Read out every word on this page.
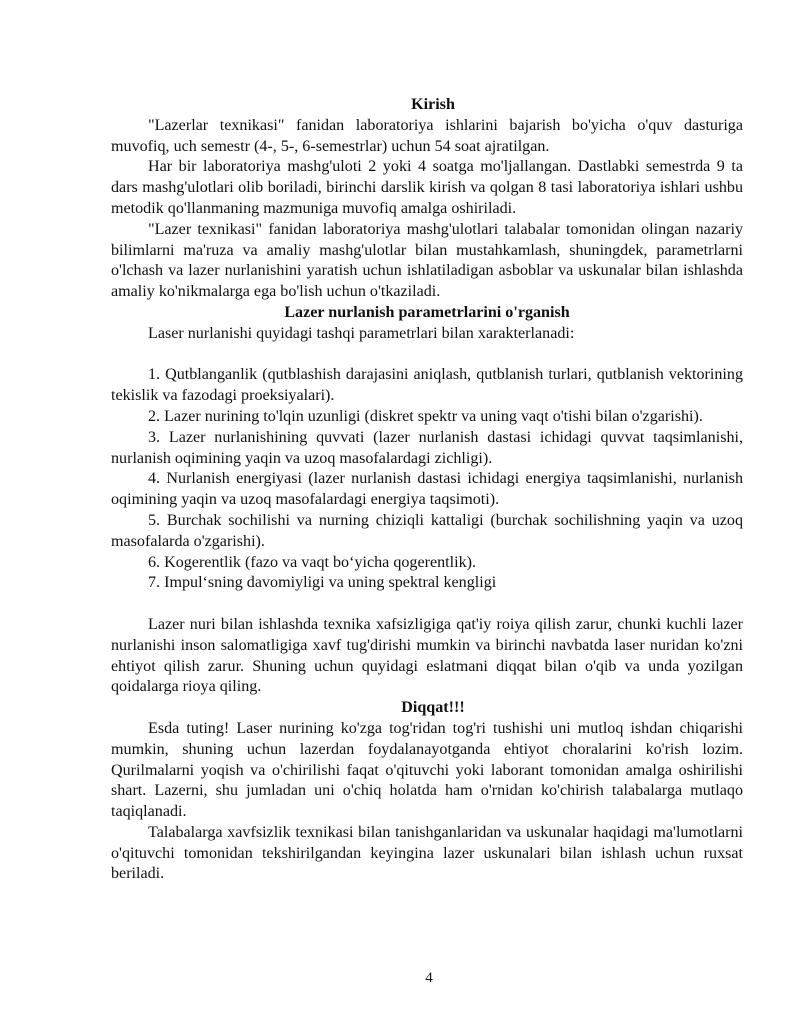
Kirish

"Lazerlar texnikasi" fanidan laboratoriya ishlarini bajarish bo'yicha o'quv dasturiga muvofiq, uch semestr (4-, 5-, 6-semestrlar) uchun 54 soat ajratilgan.

Har bir laboratoriya mashg'uloti 2 yoki 4 soatga mo'ljallangan. Dastlabki semestrda 9 ta dars mashg'ulotlari olib boriladi, birinchi darslik kirish va qolgan 8 tasi laboratoriya ishlari ushbu metodik qo'llanmaning mazmuniga muvofiq amalga oshiriladi.

"Lazer texnikasi" fanidan laboratoriya mashg'ulotlari talabalar tomonidan olingan nazariy bilimlarni ma'ruza va amaliy mashg'ulotlar bilan mustahkamlash, shuningdek, parametrlarni o'lchash va lazer nurlanishini yaratish uchun ishlatiladigan asboblar va uskunalar bilan ishlashda amaliy ko'nikmalarga ega bo'lish uchun o'tkaziladi.

Lazer nurlanish parametrlarini o'rganish

Laser nurlanishi quyidagi tashqi parametrlari bilan xarakterlanadi:

1. Qutblanganlik (qutblashish darajasini aniqlash, qutblanish turlari, qutblanish vektorining tekislik va fazodagi proeksiyalari).

2. Lazer nurining to'lqin uzunligi (diskret spektr va uning vaqt o'tishi bilan o'zgarishi).

3. Lazer nurlanishining quvvati (lazer nurlanish dastasi ichidagi quvvat taqsimlanishi, nurlanish oqimining yaqin va uzoq masofalardagi zichligi).

4. Nurlanish energiyasi (lazer nurlanish dastasi ichidagi energiya taqsimlanishi, nurlanish oqimining yaqin va uzoq masofalardagi energiya taqsimoti).

5. Burchak sochilishi va nurning chiziqli kattaligi (burchak sochilishning yaqin va uzoq masofalarda o'zgarishi).

6. Kogerentlik (fazo va vaqt bo‘yicha qogerentlik).

7. Impul‘sning davomiyligi va uning spektral kengligi

Lazer nuri bilan ishlashda texnika xafsizligiga qat'iy roiya qilish zarur, chunki kuchli lazer nurlanishi inson salomatligiga xavf tug'dirishi mumkin va birinchi navbatda laser nuridan ko'zni ehtiyot qilish zarur. Shuning uchun quyidagi eslatmani diqqat bilan o'qib va unda yozilgan qoidalarga rioya qiling.

Diqqat!!!

Esda tuting! Laser nurining ko'zga tog'ridan tog'ri tushishi uni mutloq ishdan chiqarishi mumkin, shuning uchun lazerdan foydalanayotganda ehtiyot choralarini ko'rish lozim. Qurilmalarni yoqish va o'chirilishi faqat o'qituvchi yoki laborant tomonidan amalga oshirilishi shart. Lazerni, shu jumladan uni o'chiq holatda ham o'rnidan ko'chirish talabalarga mutlaqo taqiqlanadi.

Talabalarga xavfsizlik texnikasi bilan tanishganlaridan va uskunalar haqidagi ma'lumotlarni o'qituvchi tomonidan tekshirilgandan keyingina lazer uskunalari bilan ishlash uchun ruxsat beriladi.

4
